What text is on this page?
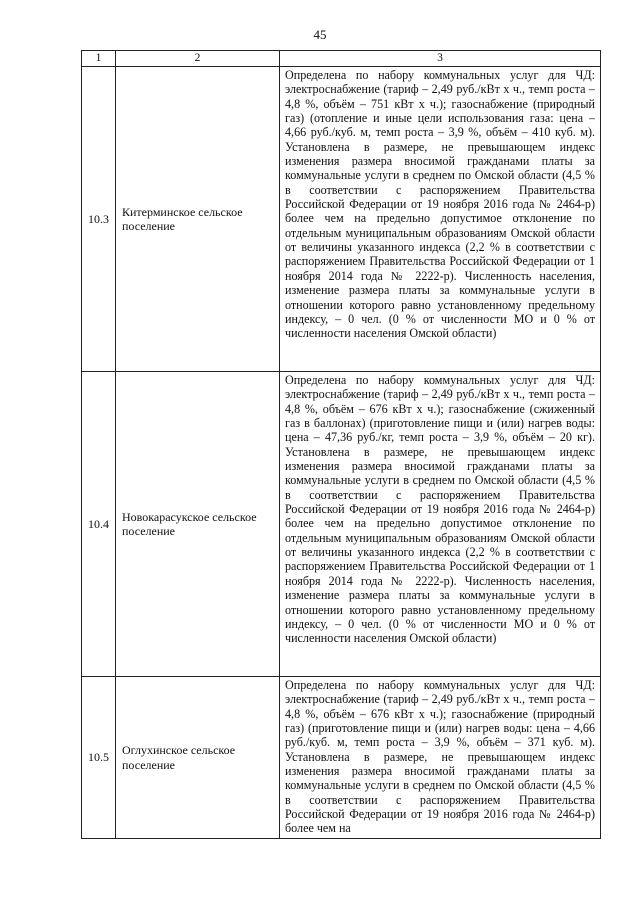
45
1	2	3
10.3	Китерминское сельское поселение	Определена по набору коммунальных услуг для ЧД: электроснабжение (тариф – 2,49 руб./кВт х ч., темп роста – 4,8 %, объём – 751 кВт х ч.); газоснабжение (природный газ) (отопление и иные цели использования газа: цена – 4,66 руб./куб. м, темп роста – 3,9 %, объём – 410 куб. м). Установлена в размере, не превышающем индекс изменения размера вносимой гражданами платы за коммунальные услуги в среднем по Омской области (4,5 % в соответствии с распоряжением Правительства Российской Федерации от 19 ноября 2016 года № 2464-р) более чем на предельно допустимое отклонение по отдельным муниципальным образованиям Омской области от величины указанного индекса (2,2 % в соответствии с распоряжением Правительства Российской Федерации от 1 ноября 2014 года № 2222-р). Численность населения, изменение размера платы за коммунальные услуги в отношении которого равно установленному предельному индексу, – 0 чел. (0 % от численности МО и 0 % от численности населения Омской области)

10.4	Новокарасукское сельское поселение	Определена по набору коммунальных услуг для ЧД: электроснабжение (тариф – 2,49 руб./кВт х ч., темп роста – 4,8 %, объём – 676 кВт х ч.); газоснабжение (сжиженный газ в баллонах) (приготовление пищи и (или) нагрев воды: цена – 47,36 руб./кг, темп роста – 3,9 %, объём – 20 кг). Установлена в размере, не превышающем индекс изменения размера вносимой гражданами платы за коммунальные услуги в среднем по Омской области (4,5 % в соответствии с распоряжением Правительства Российской Федерации от 19 ноября 2016 года № 2464-р) более чем на предельно допустимое отклонение по отдельным муниципальным образованиям Омской области от величины указанного индекса (2,2 % в соответствии с распоряжением Правительства Российской Федерации от 1 ноября 2014 года № 2222-р). Численность населения, изменение размера платы за коммунальные услуги в отношении которого равно установленному предельному индексу, – 0 чел. (0 % от численности МО и 0 % от численности населения Омской области)

10.5	Оглухинское сельское поселение	Определена по набору коммунальных услуг для ЧД: электроснабжение (тариф – 2,49 руб./кВт х ч., темп роста – 4,8 %, объём – 676 кВт х ч.); газоснабжение (природный газ) (приготовление пищи и (или) нагрев воды: цена – 4,66 руб./куб. м, темп роста – 3,9 %, объём – 371 куб. м). Установлена в размере, не превышающем индекс изменения размера вносимой гражданами платы за коммунальные услуги в среднем по Омской области (4,5 % в соответствии с распоряжением Правительства Российской Федерации от 19 ноября 2016 года № 2464-р) более чем на
